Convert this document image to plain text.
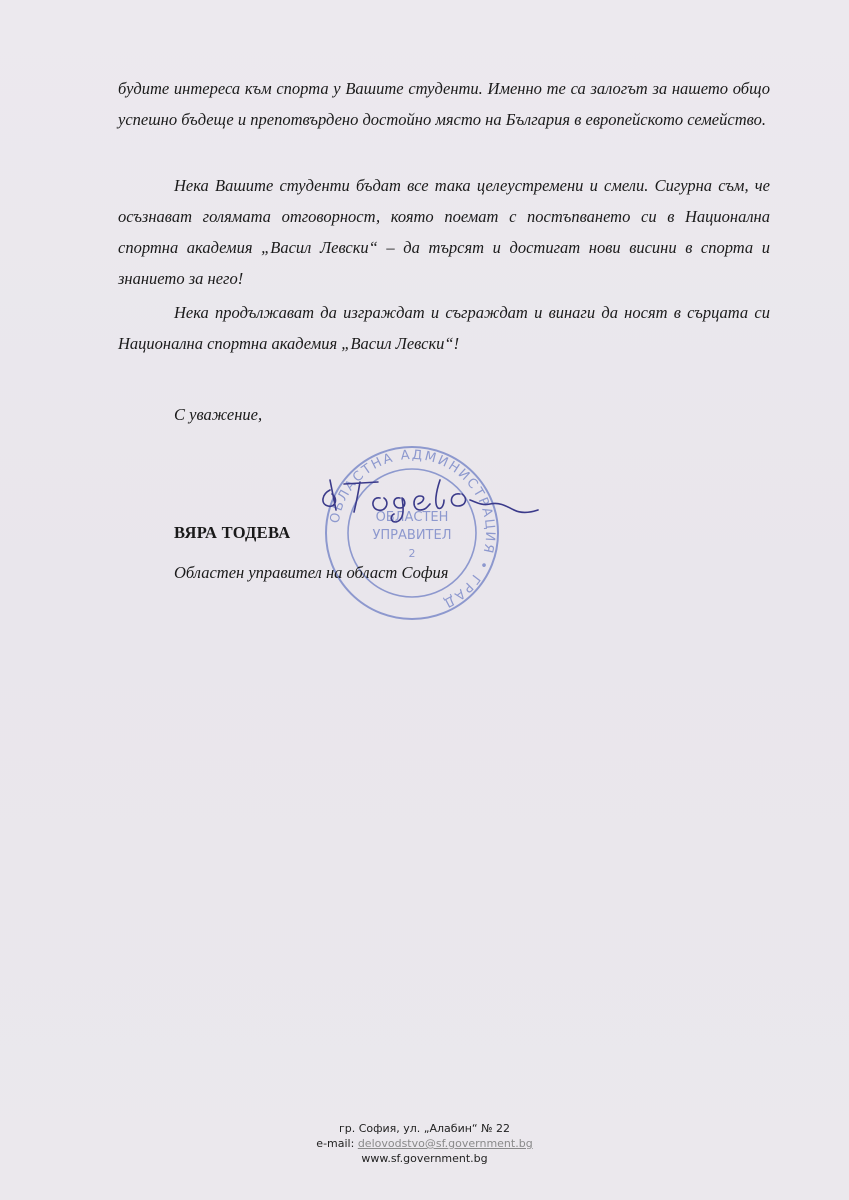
будите интереса към спорта у Вашите студенти. Именно те са залогът за нашето общо успешно бъдеще и препотвърдено достойно място на България в европейското семейство.

Нека Вашите студенти бъдат все така целеустремени и смели. Сигурна съм, че осъзнават голямата отговорност, която поемат с постъпването си в Национална спортна академия „Васил Левски“ – да търсят и достигат нови висини в спорта и знанието за него!

Нека продължават да изграждат и съграждат и винаги да носят в сърцата си Национална спортна академия „Васил Левски“!

С уважение,
ОБЛАСТНА АДМИНИСТРАЦИЯ • ГРАД
ОБЛАСТЕН
УПРАВИТЕЛ
2
ВЯРА ТОДЕВА
Областен управител на област София
гр. София, ул. „Алабин“ № 22
e-mail: delovodstvo@sf.government.bg
www.sf.government.bg
